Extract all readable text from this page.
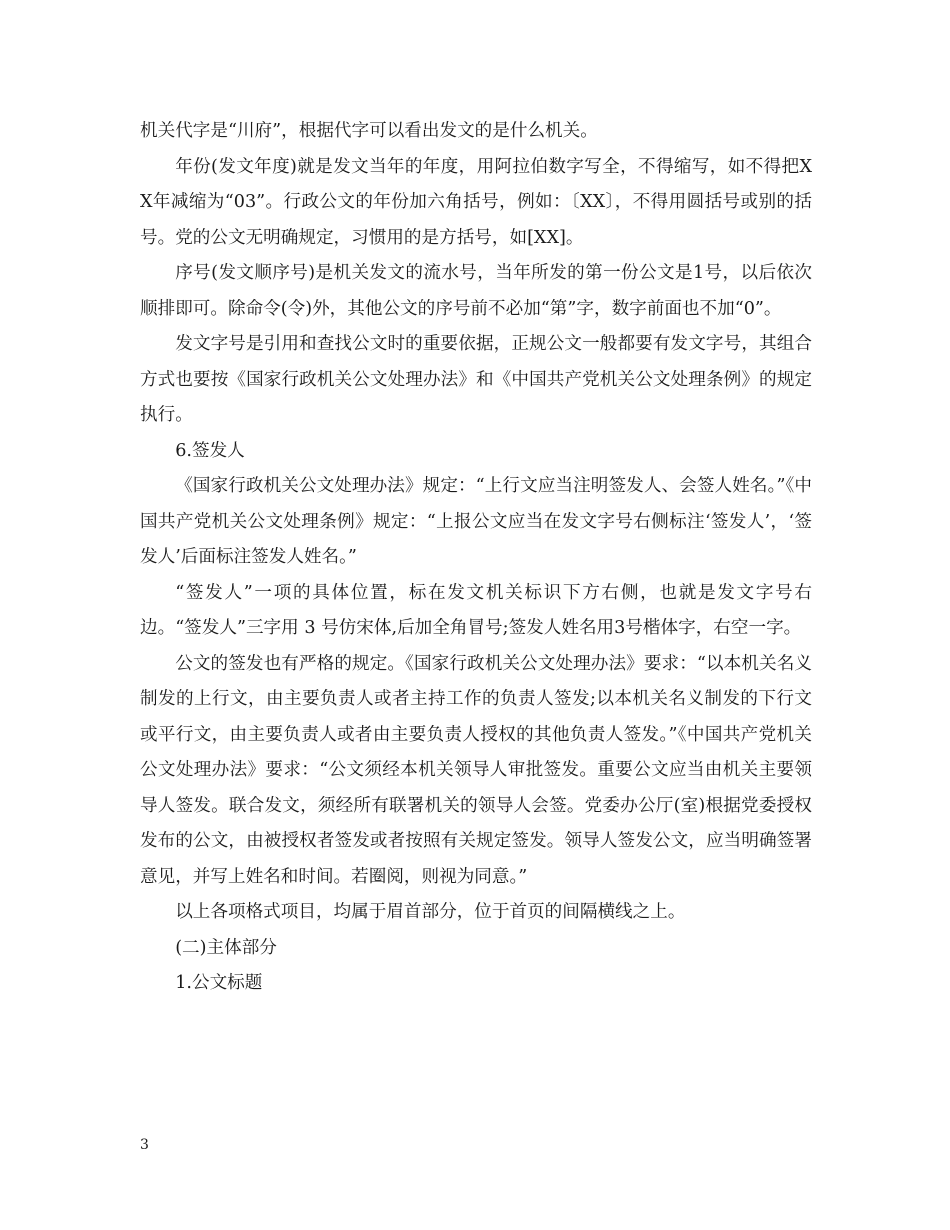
机关代字是“川府”，根据代字可以看出发文的是什么机关。

年份(发文年度)就是发文当年的年度，用阿拉伯数字写全，不得缩写，如不得把XX年减缩为“03”。行政公文的年份加六角括号，例如：〔XX〕，不得用圆括号或别的括号。党的公文无明确规定，习惯用的是方括号，如[XX]。

序号(发文顺序号)是机关发文的流水号，当年所发的第一份公文是1号，以后依次顺排即可。除命令(令)外，其他公文的序号前不必加“第”字，数字前面也不加“0”。

发文字号是引用和查找公文时的重要依据，正规公文一般都要有发文字号，其组合方式也要按《国家行政机关公文处理办法》和《中国共产党机关公文处理条例》的规定执行。

6.签发人

《国家行政机关公文处理办法》规定：“上行文应当注明签发人、会签人姓名。”《中国共产党机关公文处理条例》规定：“上报公文应当在发文字号右侧标注‘签发人’，‘签发人’后面标注签发人姓名。”

“签发人”一项的具体位置，标在发文机关标识下方右侧，也就是发文字号右边。“签发人”三字用 3 号仿宋体,后加全角冒号;签发人姓名用3号楷体字，右空一字。

公文的签发也有严格的规定。《国家行政机关公文处理办法》要求：“以本机关名义制发的上行文，由主要负责人或者主持工作的负责人签发;以本机关名义制发的下行文或平行文，由主要负责人或者由主要负责人授权的其他负责人签发。”《中国共产党机关公文处理办法》要求：“公文须经本机关领导人审批签发。重要公文应当由机关主要领导人签发。联合发文，须经所有联署机关的领导人会签。党委办公厅(室)根据党委授权发布的公文，由被授权者签发或者按照有关规定签发。领导人签发公文，应当明确签署意见，并写上姓名和时间。若圈阅，则视为同意。”

以上各项格式项目，均属于眉首部分，位于首页的间隔横线之上。

(二)主体部分

1.公文标题

3
